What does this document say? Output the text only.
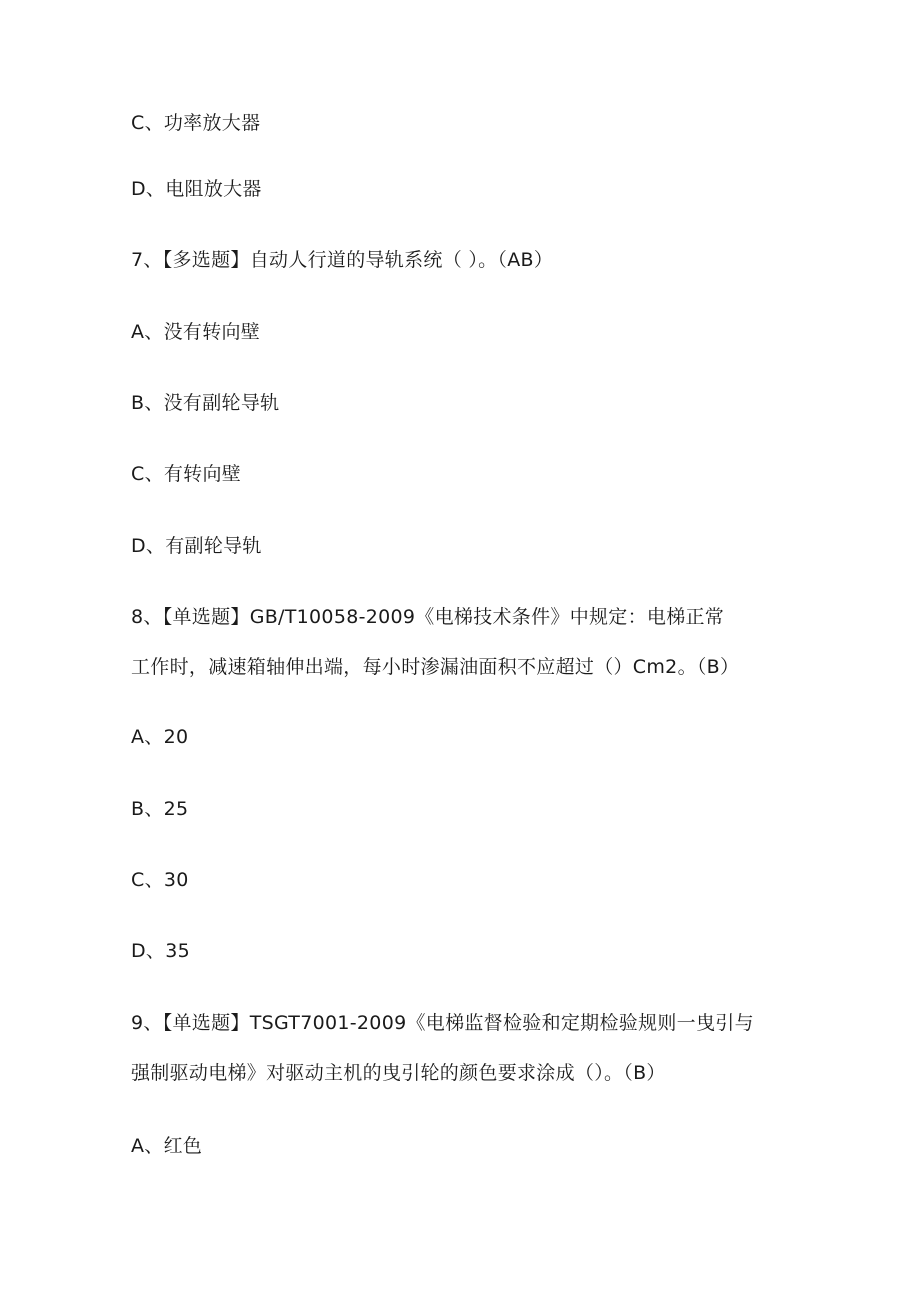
C、功率放大器
D、电阻放大器
7、【多选题】自动人行道的导轨系统（ ）。（AB）
A、没有转向壁
B、没有副轮导轨
C、有转向壁
D、有副轮导轨
8、【单选题】GB/T10058-2009《电梯技术条件》中规定：电梯正常
工作时，减速箱轴伸出端，每小时渗漏油面积不应超过（）Cm2。（B）
A、20
B、25
C、30
D、35
9、【单选题】TSGT7001-2009《电梯监督检验和定期检验规则一曳引与
强制驱动电梯》对驱动主机的曳引轮的颜色要求涂成（）。（B）
A、红色
